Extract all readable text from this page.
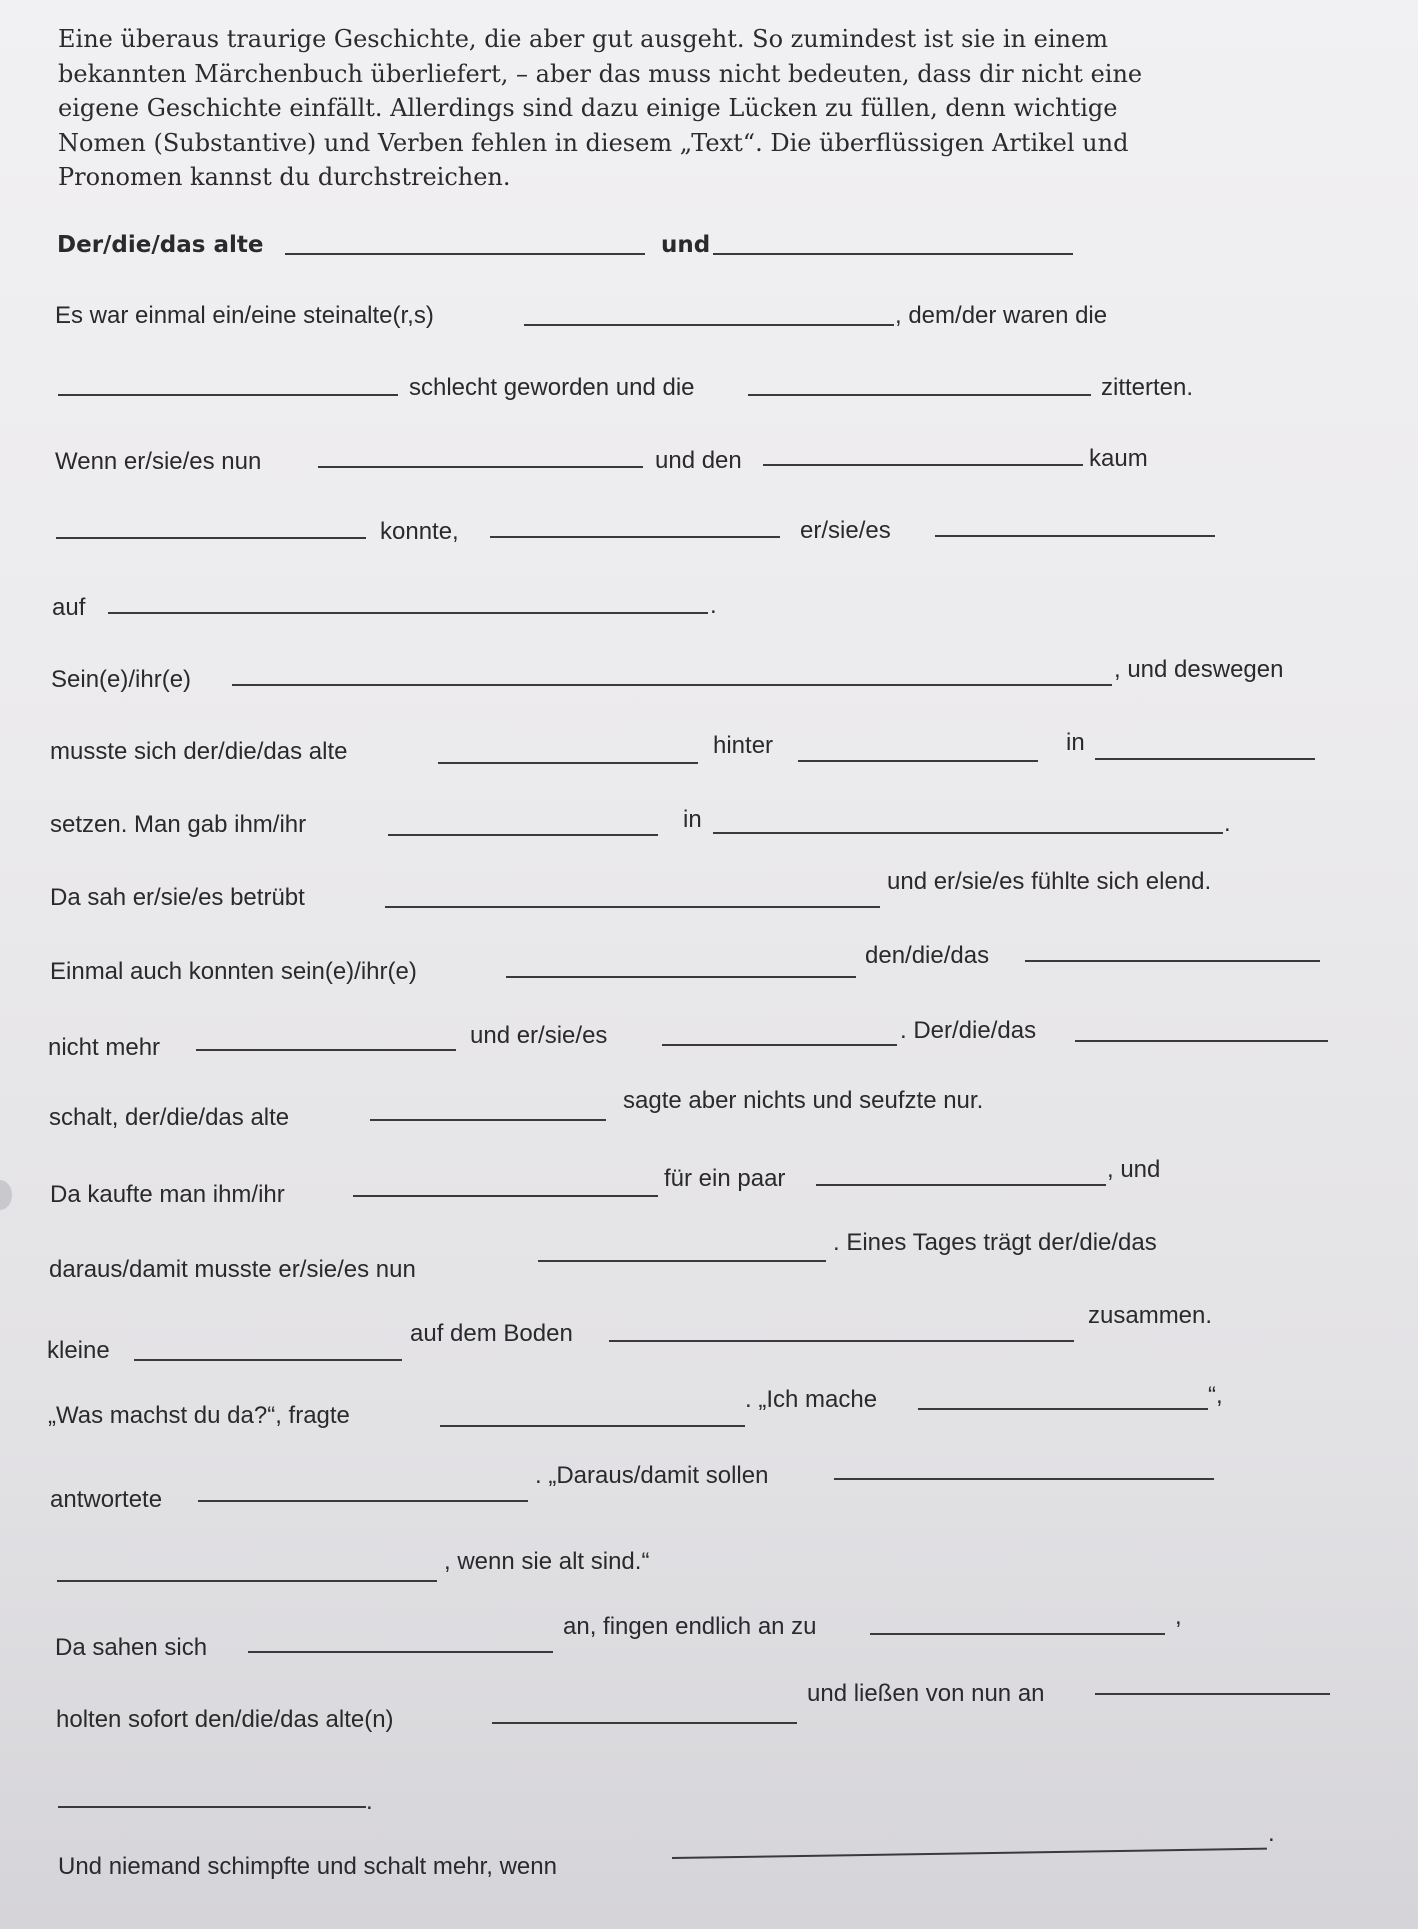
Eine überaus traurige Geschichte, die aber gut ausgeht. So zumindest ist sie in einem
bekannten Märchenbuch überliefert, – aber das muss nicht bedeuten, dass dir nicht eine
eigene Geschichte einfällt. Allerdings sind dazu einige Lücken zu füllen, denn wichtige
Nomen (Substantive) und Verben fehlen in diesem „Text“. Die überflüssigen Artikel und
Pronomen kannst du durchstreichen.

Der/die/das alte	und
Es war einmal ein/eine steinalte(r,s)	, dem/der waren die
schlecht geworden und die	zitterten.
Wenn er/sie/es nun	und den	kaum
konnte,	er/sie/es
auf	.
Sein(e)/ihr(e)	, und deswegen
musste sich der/die/das alte	hinter	in
setzen. Man gab ihm/ihr	in	.
Da sah er/sie/es betrübt
und er/sie/es fühlte sich elend.
Einmal auch konnten sein(e)/ihr(e)
den/die/das
nicht mehr	und er/sie/es	. Der/die/das
schalt, der/die/das alte
sagte aber nichts und seufzte nur.
Da kaufte man ihm/ihr
für ein paar	, und
daraus/damit musste er/sie/es nun
. Eines Tages trägt der/die/das
kleine
auf dem Boden
zusammen.
„Was machst du da?“, fragte
. „Ich mache	“,
antwortete
. „Daraus/damit sollen
, wenn sie alt sind.“
Da sahen sich
an, fingen endlich an zu	,
holten sofort den/die/das alte(n)
und ließen von nun an
.
Und niemand schimpfte und schalt mehr, wenn
.
